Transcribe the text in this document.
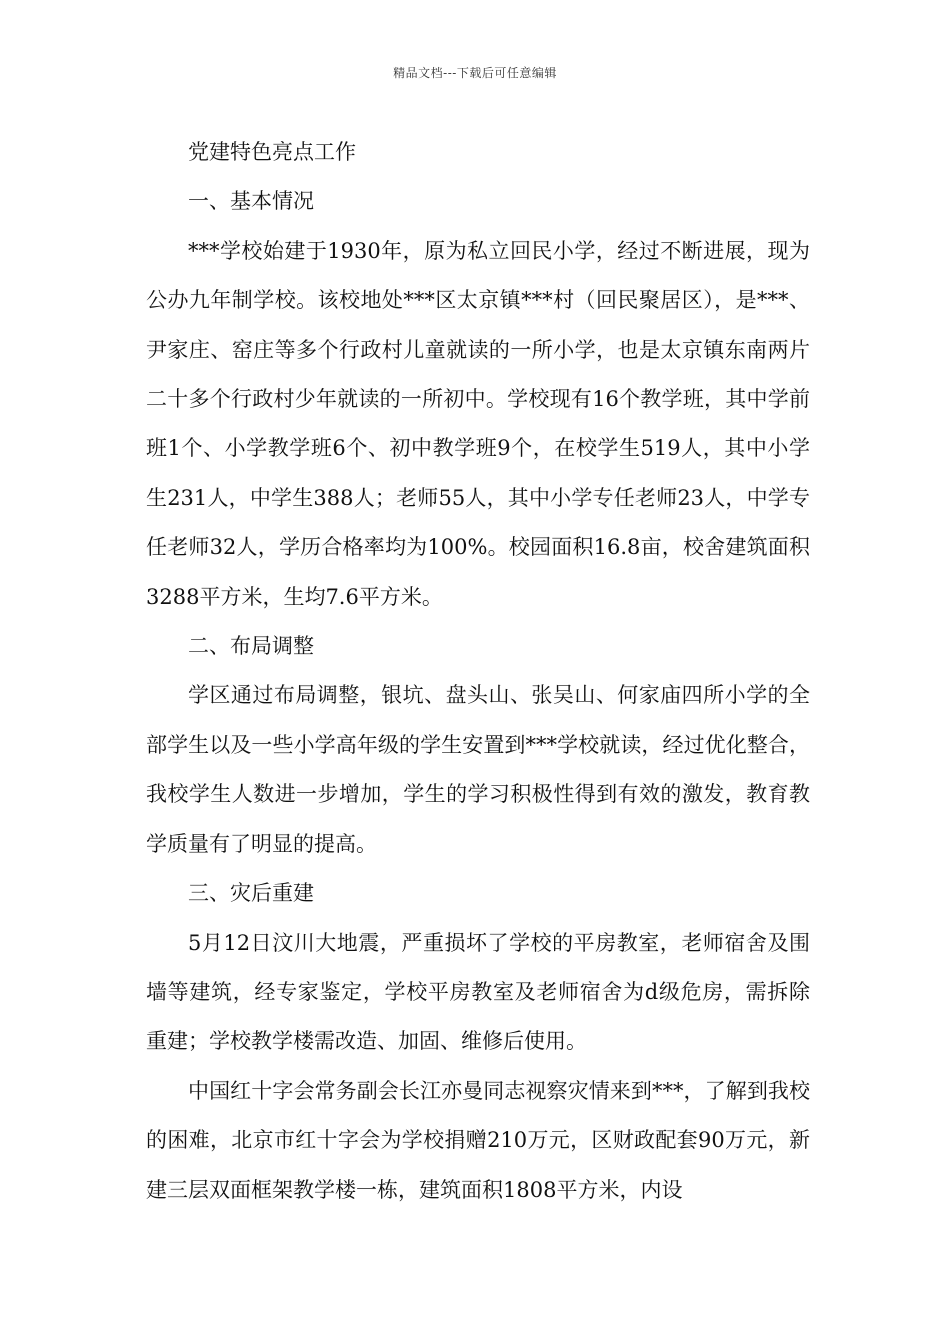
精品文档---下载后可任意编辑

党建特色亮点工作

一、基本情况

***学校始建于1930年，原为私立回民小学，经过不断进展，现为公办九年制学校。该校地处***区太京镇***村（回民聚居区），是***、尹家庄、窑庄等多个行政村儿童就读的一所小学，也是太京镇东南两片二十多个行政村少年就读的一所初中。学校现有16个教学班，其中学前班1个、小学教学班6个、初中教学班9个，在校学生519人，其中小学生231人，中学生388人；老师55人，其中小学专任老师23人，中学专任老师32人，学历合格率均为100%。校园面积16.8亩，校舍建筑面积3288平方米，生均7.6平方米。

二、布局调整

学区通过布局调整，银坑、盘头山、张吴山、何家庙四所小学的全部学生以及一些小学高年级的学生安置到***学校就读，经过优化整合，我校学生人数进一步增加，学生的学习积极性得到有效的激发，教育教学质量有了明显的提高。

三、灾后重建

5月12日汶川大地震，严重损坏了学校的平房教室，老师宿舍及围墙等建筑，经专家鉴定，学校平房教室及老师宿舍为d级危房，需拆除重建；学校教学楼需改造、加固、维修后使用。

中国红十字会常务副会长江亦曼同志视察灾情来到***，了解到我校的困难，北京市红十字会为学校捐赠210万元，区财政配套90万元，新建三层双面框架教学楼一栋，建筑面积1808平方米，内设
